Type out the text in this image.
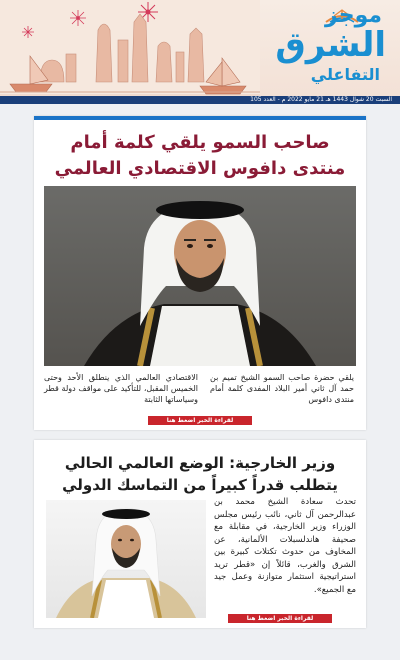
موجز
الشرق
التفاعلي
السبت 20 شوال 1443 هـ 21 مايو 2022 م - العدد 105
صاحب السمو يلقي كلمة أمام منتدى دافوس الاقتصادي العالمي
يلقي حضرة صاحب السمو الشيخ تميم بن حمد آل ثاني أمير البلاد المفدى كلمة أمام منتدى دافوس
الاقتصادي العالمي الذي ينطلق الأحد وحتى الخميس المقبل، للتأكيد على مواقف دولة قطر وسياساتها الثابتة
لقراءة الخبر اضغط هنا
وزير الخارجية: الوضع العالمي الحالي يتطلب قدراً كبيراً من التماسك الدولي
تحدث سعادة الشيخ محمد بن عبدالرحمن آل ثاني، نائب رئيس مجلس الوزراء وزير الخارجية، في مقابلة مع صحيفة هاندلسبلات الألمانية، عن المخاوف من حدوث تكتلات كبيرة بين الشرق والغرب، قائلاً إن «قطر تريد استراتيجية استثمار متوازنة وعمل جيد مع الجميع».
لقراءة الخبر اضغط هنا
